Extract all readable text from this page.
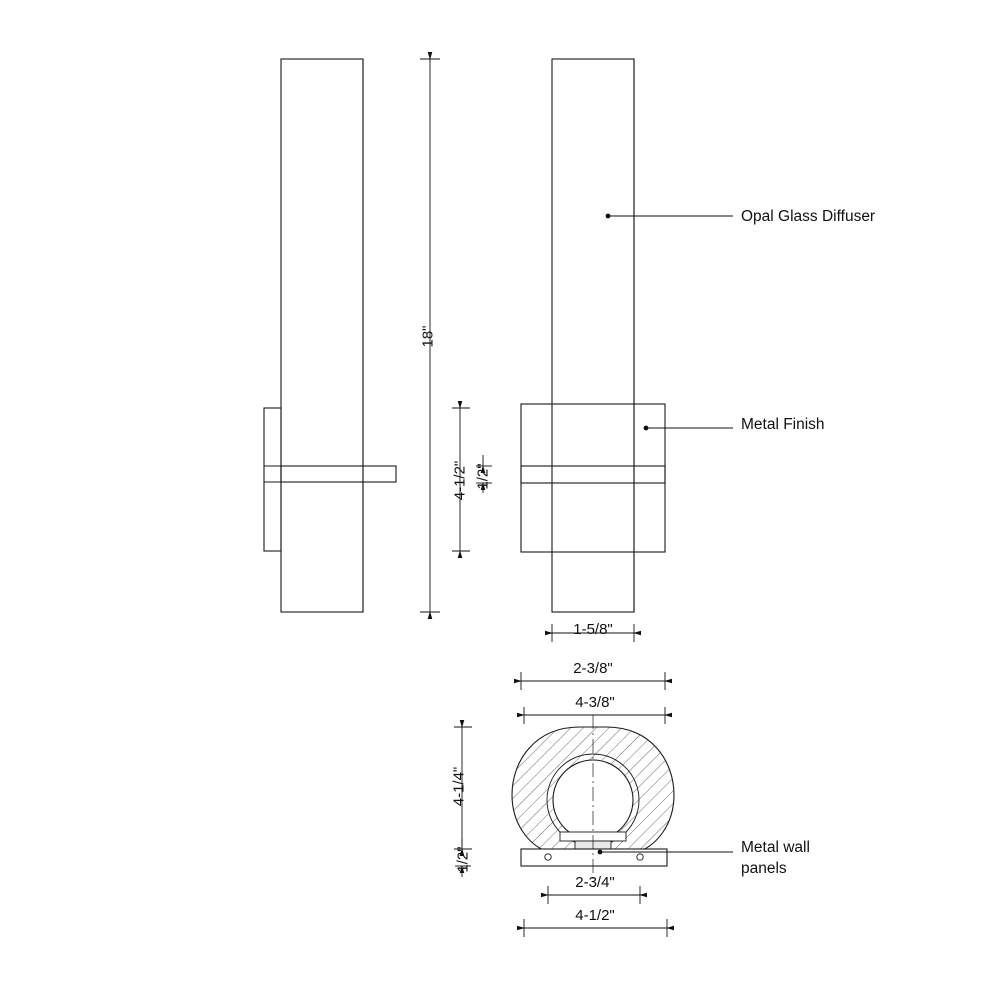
18"
4-1/2" 1/2"
1-5/8"
2-3/8"
4-3/8"
4-1/4"
1/2"
2-3/4"
4-1/2"
Opal Glass Diffuser
Metal Finish
Metal wall
panels
